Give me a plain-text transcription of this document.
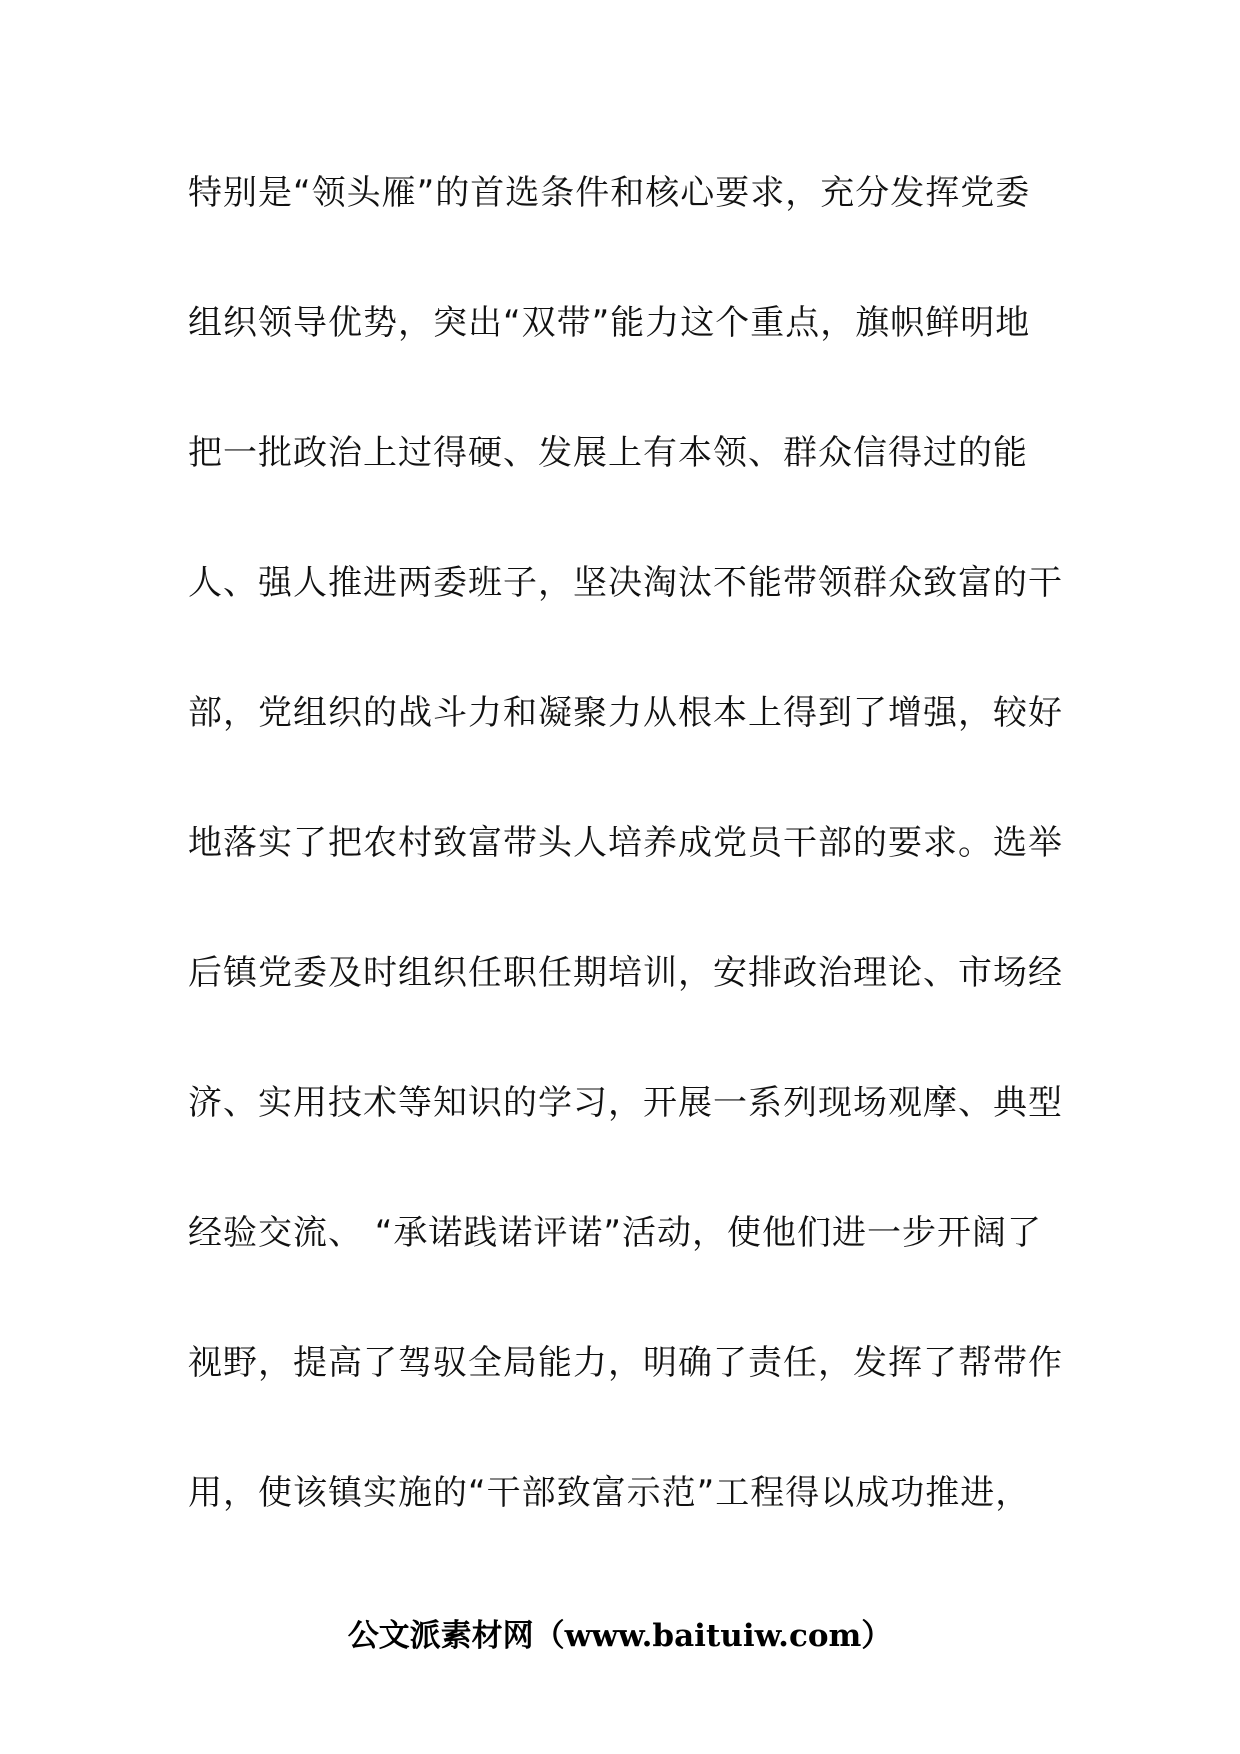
特别是“领头雁”的首选条件和核心要求，充分发挥党委
组织领导优势，突出“双带”能力这个重点，旗帜鲜明地
把一批政治上过得硬、发展上有本领、群众信得过的能
人、强人推进两委班子，坚决淘汰不能带领群众致富的干
部，党组织的战斗力和凝聚力从根本上得到了增强，较好
地落实了把农村致富带头人培养成党员干部的要求。选举
后镇党委及时组织任职任期培训，安排政治理论、市场经
济、实用技术等知识的学习，开展一系列现场观摩、典型
经验交流、 “承诺践诺评诺”活动，使他们进一步开阔了
视野，提高了驾驭全局能力，明确了责任，发挥了帮带作
用，使该镇实施的“干部致富示范”工程得以成功推进，
公文派素材网（www.baituiw.com）
